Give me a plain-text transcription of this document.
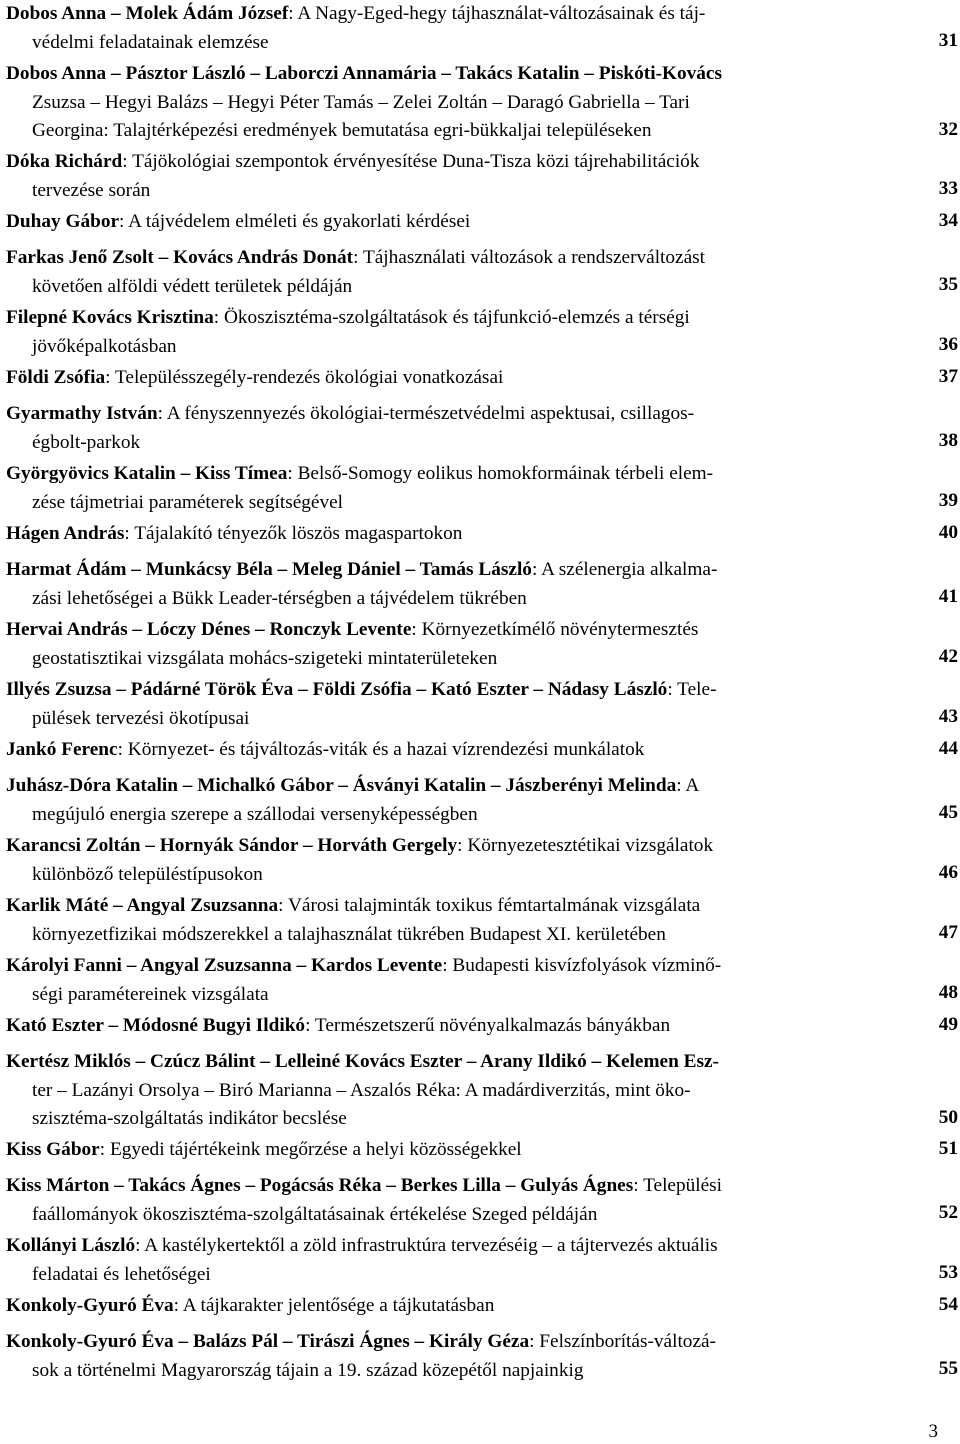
Dobos Anna – Molek Ádám József: A Nagy-Eged-hegy tájhasználat-változásainak és táj-
védelmi feladatainak elemzése	31
Dobos Anna – Pásztor László – Laborczi Annamária – Takács Katalin – Piskóti-Kovács
Zsuzsa – Hegyi Balázs – Hegyi Péter Tamás – Zelei Zoltán – Daragó Gabriella – Tari
Georgina: Talajtérképezési eredmények bemutatása egri-bükkaljai településeken	32
Dóka Richárd: Tájökológiai szempontok érvényesítése Duna-Tisza közi tájrehabilitációk
tervezése során	33
Duhay Gábor: A tájvédelem elméleti és gyakorlati kérdései	34
Farkas Jenő Zsolt – Kovács András Donát: Tájhasználati változások a rendszerváltozást
követően alföldi védett területek példáján	35
Filepné Kovács Krisztina: Ökoszisztéma-szolgáltatások és tájfunkció-elemzés a térségi
jövőképalkotásban	36
Földi Zsófia: Településszegély-rendezés ökológiai vonatkozásai	37
Gyarmathy István: A fényszennyezés ökológiai-természetvédelmi aspektusai, csillagos-
égbolt-parkok	38
Györgyövics Katalin – Kiss Tímea: Belső-Somogy eolikus homokformáinak térbeli elem-
zése tájmetriai paraméterek segítségével	39
Hágen András: Tájalakító tényezők löszös magaspartokon	40
Harmat Ádám – Munkácsy Béla – Meleg Dániel – Tamás László: A szélenergia alkalma-
zási lehetőségei a Bükk Leader-térségben a tájvédelem tükrében	41
Hervai András – Lóczy Dénes – Ronczyk Levente: Környezetkímélő növénytermesztés
geostatisztikai vizsgálata mohács-szigeteki mintaterületeken	42
Illyés Zsuzsa – Pádárné Török Éva – Földi Zsófia – Kató Eszter – Nádasy László: Tele-
pülések tervezési ökotípusai	43
Jankó Ferenc: Környezet- és tájváltozás-viták és a hazai vízrendezési munkálatok	44
Juhász-Dóra Katalin – Michalkó Gábor – Ásványi Katalin – Jászberényi Melinda: A
megújuló energia szerepe a szállodai versenyképességben	45
Karancsi Zoltán – Hornyák Sándor – Horváth Gergely: Környezetesztétikai vizsgálatok
különböző településtípusokon	46
Karlik Máté – Angyal Zsuzsanna: Városi talajminták toxikus fémtartalmának vizsgálata
környezetfizikai módszerekkel a talajhasználat tükrében Budapest XI. kerületében	47
Károlyi Fanni – Angyal Zsuzsanna – Kardos Levente: Budapesti kisvízfolyások vízminő-
ségi paramétereinek vizsgálata	48
Kató Eszter – Módosné Bugyi Ildikó: Természetszerű növényalkalmazás bányákban	49
Kertész Miklós – Czúcz Bálint – Lelleiné Kovács Eszter – Arany Ildikó – Kelemen Esz-
ter – Lazányi Orsolya – Biró Marianna – Aszalós Réka: A madárdiverzitás, mint öko-
szisztéma-szolgáltatás indikátor becslése	50
Kiss Gábor: Egyedi tájértékeink megőrzése a helyi közösségekkel	51
Kiss Márton – Takács Ágnes – Pogácsás Réka – Berkes Lilla – Gulyás Ágnes: Települési
faállományok ökoszisztéma-szolgáltatásainak értékelése Szeged példáján	52
Kollányi László: A kastélykertektől a zöld infrastruktúra tervezéséig – a tájtervezés aktuális
feladatai és lehetőségei	53
Konkoly-Gyuró Éva: A tájkarakter jelentősége a tájkutatásban	54
Konkoly-Gyuró Éva – Balázs Pál – Tirászi Ágnes – Király Géza: Felszínborítás-változá-
sok a történelmi Magyarország tájain a 19. század közepétől napjainkig	55
3
